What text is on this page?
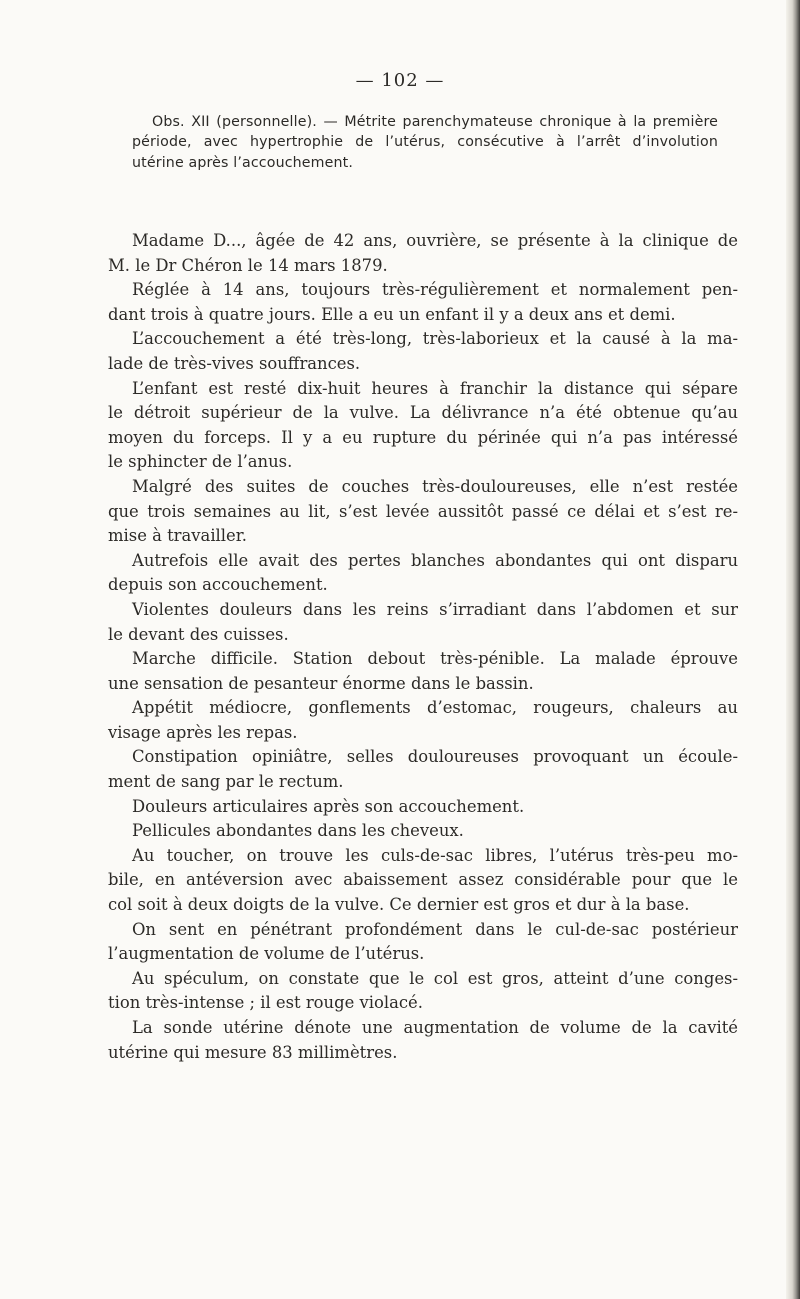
— 102 —
Obs. XII (personnelle). — Métrite parenchymateuse chronique à la première
période, avec hypertrophie de l’utérus, consécutive à l’arrêt d’involution
utérine après l’accouchement.
Madame D..., âgée de 42 ans, ouvrière, se présente à la clinique de
M. le Dr Chéron le 14 mars 1879.
Réglée à 14 ans, toujours très-régulièrement et normalement pen-
dant trois à quatre jours. Elle a eu un enfant il y a deux ans et demi.
L’accouchement a été très-long, très-laborieux et la causé à la ma-
lade de très-vives souffrances.
L’enfant est resté dix-huit heures à franchir la distance qui sépare
le détroit supérieur de la vulve. La délivrance n’a été obtenue qu’au
moyen du forceps. Il y a eu rupture du périnée qui n’a pas intéressé
le sphincter de l’anus.
Malgré des suites de couches très-douloureuses, elle n’est restée
que trois semaines au lit, s’est levée aussitôt passé ce délai et s’est re-
mise à travailler.
Autrefois elle avait des pertes blanches abondantes qui ont disparu
depuis son accouchement.
Violentes douleurs dans les reins s’irradiant dans l’abdomen et sur
le devant des cuisses.
Marche difficile. Station debout très-pénible. La malade éprouve
une sensation de pesanteur énorme dans le bassin.
Appétit médiocre, gonflements d’estomac, rougeurs, chaleurs au
visage après les repas.
Constipation opiniâtre, selles douloureuses provoquant un écoule-
ment de sang par le rectum.
Douleurs articulaires après son accouchement.
Pellicules abondantes dans les cheveux.
Au toucher, on trouve les culs-de-sac libres, l’utérus très-peu mo-
bile, en antéversion avec abaissement assez considérable pour que le
col soit à deux doigts de la vulve. Ce dernier est gros et dur à la base.
On sent en pénétrant profondément dans le cul-de-sac postérieur
l’augmentation de volume de l’utérus.
Au spéculum, on constate que le col est gros, atteint d’une conges-
tion très-intense ; il est rouge violacé.
La sonde utérine dénote une augmentation de volume de la cavité
utérine qui mesure 83 millimètres.
